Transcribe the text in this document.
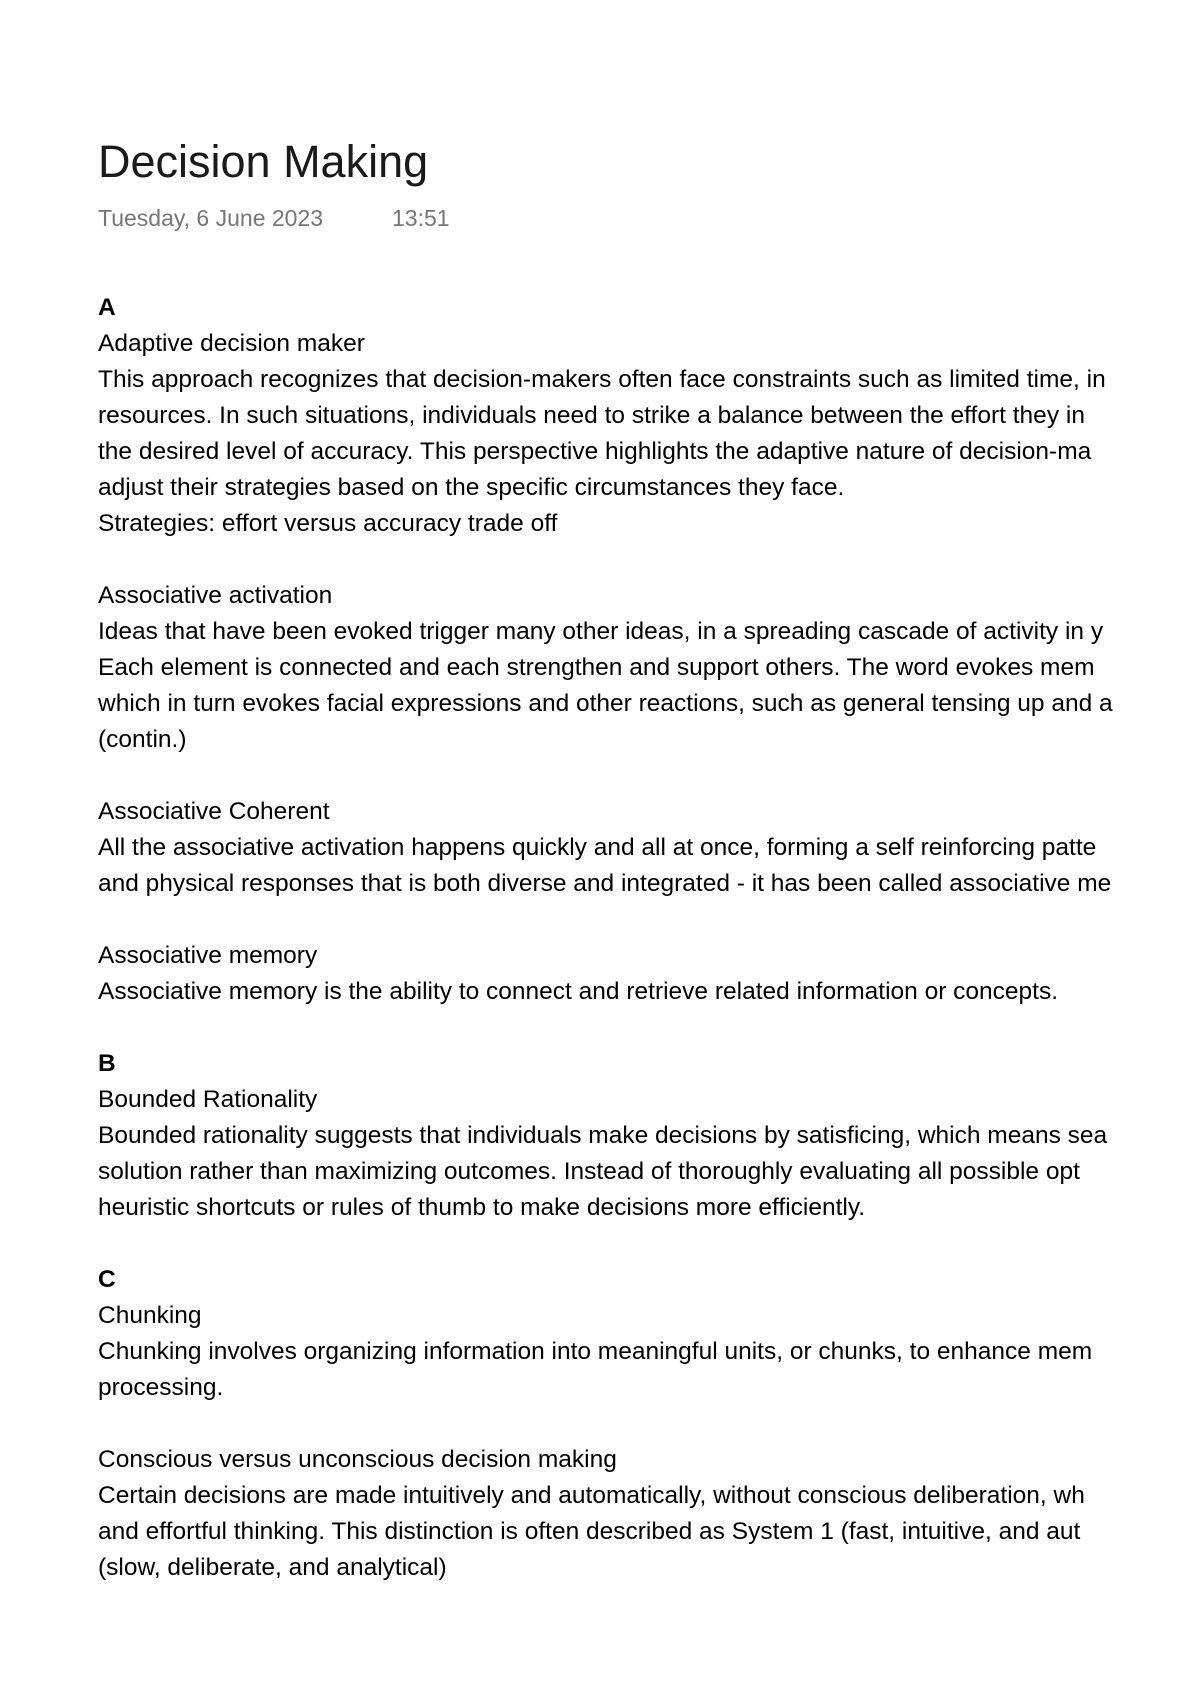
Decision Making
Tuesday, 6 June 2023	13:51
A
Adaptive decision maker
This approach recognizes that decision-makers often face constraints such as limited time, in
resources. In such situations, individuals need to strike a balance between the effort they in
the desired level of accuracy. This perspective highlights the adaptive nature of decision-ma
adjust their strategies based on the specific circumstances they face.
Strategies: effort versus accuracy trade off
Associative activation
Ideas that have been evoked trigger many other ideas, in a spreading cascade of activity in y
Each element is connected and each strengthen and support others. The word evokes mem
which in turn evokes facial expressions and other reactions, such as general tensing up and a
(contin.)
Associative Coherent
All the associative activation happens quickly and all at once, forming a self reinforcing patte
and physical responses that is both diverse and integrated - it has been called associative me
Associative memory
Associative memory is the ability to connect and retrieve related information or concepts.
B
Bounded Rationality
Bounded rationality suggests that individuals make decisions by satisficing, which means sea
solution rather than maximizing outcomes. Instead of thoroughly evaluating all possible opt
heuristic shortcuts or rules of thumb to make decisions more efficiently.
C
Chunking
Chunking involves organizing information into meaningful units, or chunks, to enhance mem
processing.
Conscious versus unconscious decision making
Certain decisions are made intuitively and automatically, without conscious deliberation, wh
and effortful thinking. This distinction is often described as System 1 (fast, intuitive, and aut
(slow, deliberate, and analytical)
